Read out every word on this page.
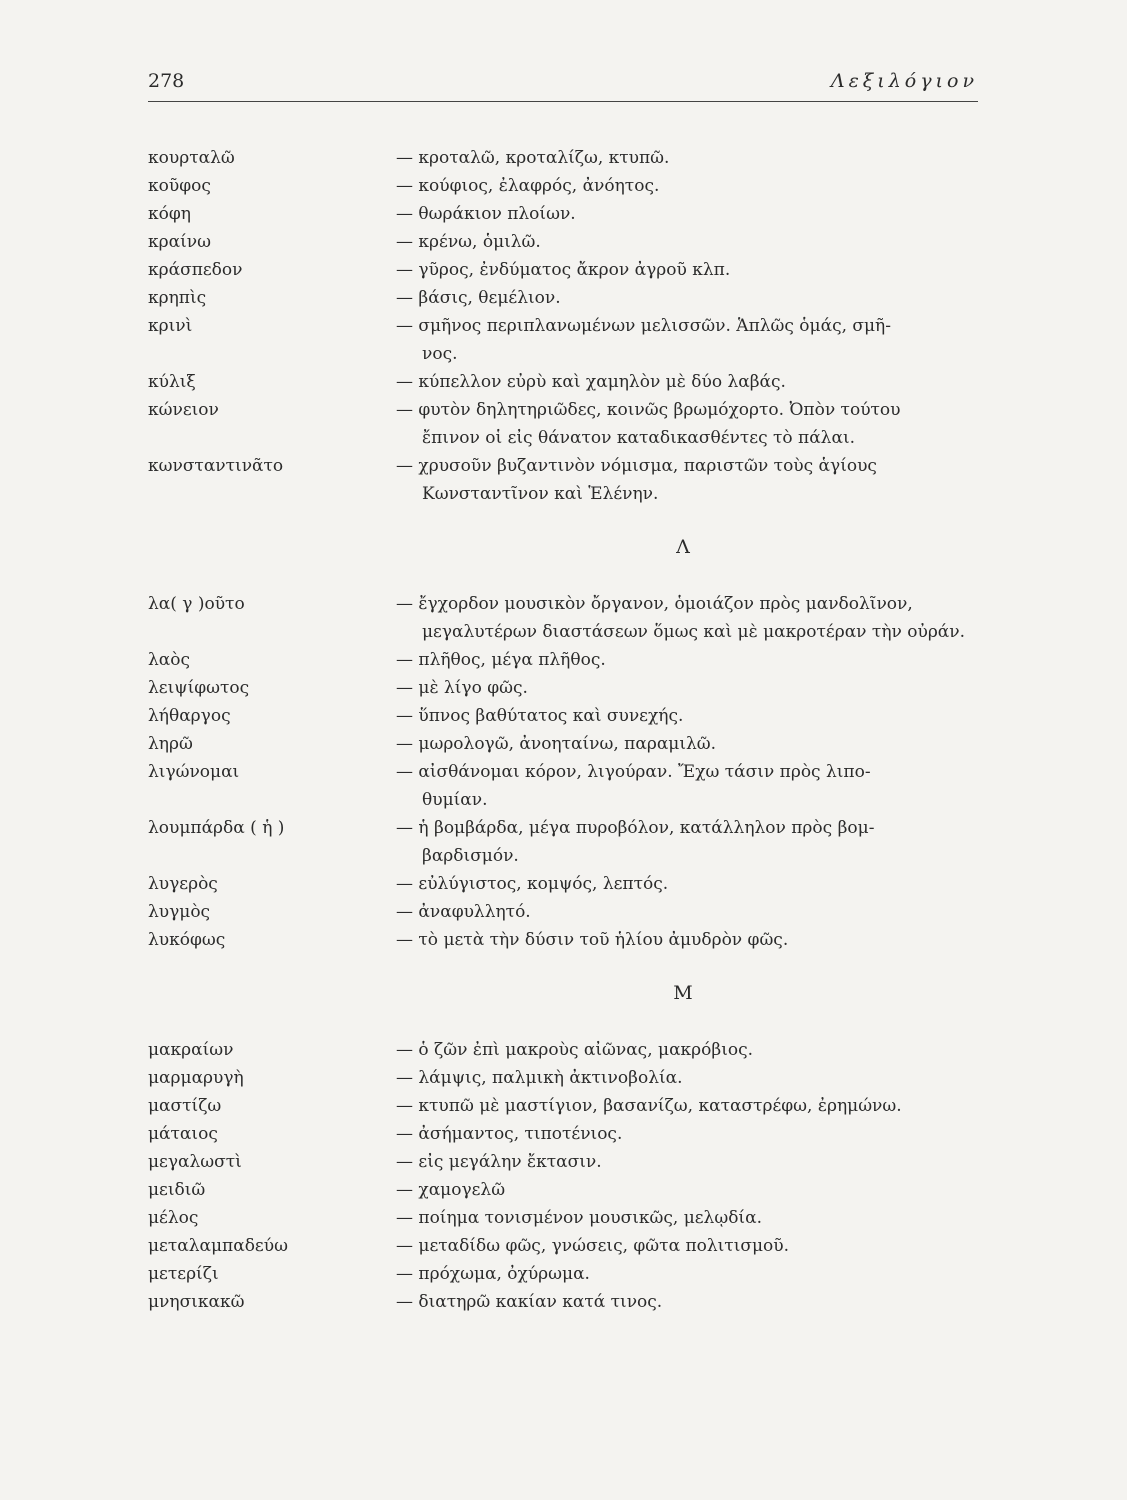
278	Λεξιλόγιον
κουρταλῶ	— κροταλῶ, κροταλίζω, κτυπῶ.
κοῦφος	— κούφιος, ἐλαφρός, ἀνόητος.
κόφη	— θωράκιον πλοίων.
κραίνω	— κρένω, ὁμιλῶ.
κράσπεδον	— γῦρος, ἐνδύματος ἄκρον ἀγροῦ κλπ.
κρηπὶς	— βάσις, θεμέλιον.
κρινὶ	— σμῆνος περιπλανωμένων μελισσῶν. Ἁπλῶς ὁμάς, σμῆ-
νος.
κύλιξ	— κύπελλον εὐρὺ καὶ χαμηλὸν μὲ δύο λαβάς.
κώνειον	— φυτὸν δηλητηριῶδες, κοινῶς βρωμόχορτο. Ὀπὸν τούτου
ἔπινον οἱ εἰς θάνατον καταδικασθέντες τὸ πάλαι.
κωνσταντινᾶτο	— χρυσοῦν βυζαντινὸν νόμισμα, παριστῶν τοὺς ἁγίους
Κωνσταντῖνον καὶ Ἑλένην.
Λ
λα( γ )οῦτο	— ἔγχορδον μουσικὸν ὄργανον, ὁμοιάζον πρὸς μανδολῖνον,
μεγαλυτέρων διαστάσεων ὅμως καὶ μὲ μακροτέραν τὴν οὐράν.
λαὸς	— πλῆθος, μέγα πλῆθος.
λειψίφωτος	— μὲ λίγο φῶς.
λήθαργος	— ὕπνος βαθύτατος καὶ συνεχής.
ληρῶ	— μωρολογῶ, ἀνοηταίνω, παραμιλῶ.
λιγώνομαι	— αἰσθάνομαι κόρον, λιγούραν. Ἔχω τάσιν πρὸς λιπο-
θυμίαν.
λουμπάρδα ( ἡ )	— ἡ βομβάρδα, μέγα πυροβόλον, κατάλληλον πρὸς βομ-
βαρδισμόν.
λυγερὸς	— εὐλύγιστος, κομψός, λεπτός.
λυγμὸς	— ἀναφυλλητό.
λυκόφως	— τὸ μετὰ τὴν δύσιν τοῦ ἡλίου ἀμυδρὸν φῶς.
Μ
μακραίων	— ὁ ζῶν ἐπὶ μακροὺς αἰῶνας, μακρόβιος.
μαρμαρυγὴ	— λάμψις, παλμικὴ ἀκτινοβολία.
μαστίζω	— κτυπῶ μὲ μαστίγιον, βασανίζω, καταστρέφω, ἐρημώνω.
μάταιος	— ἀσήμαντος, τιποτένιος.
μεγαλωστὶ	— εἰς μεγάλην ἔκτασιν.
μειδιῶ	— χαμογελῶ
μέλος	— ποίημα τονισμένον μουσικῶς, μελῳδία.
μεταλαμπαδεύω	— μεταδίδω φῶς, γνώσεις, φῶτα πολιτισμοῦ.
μετερίζι	— πρόχωμα, ὀχύρωμα.
μνησικακῶ	— διατηρῶ κακίαν κατά τινος.
